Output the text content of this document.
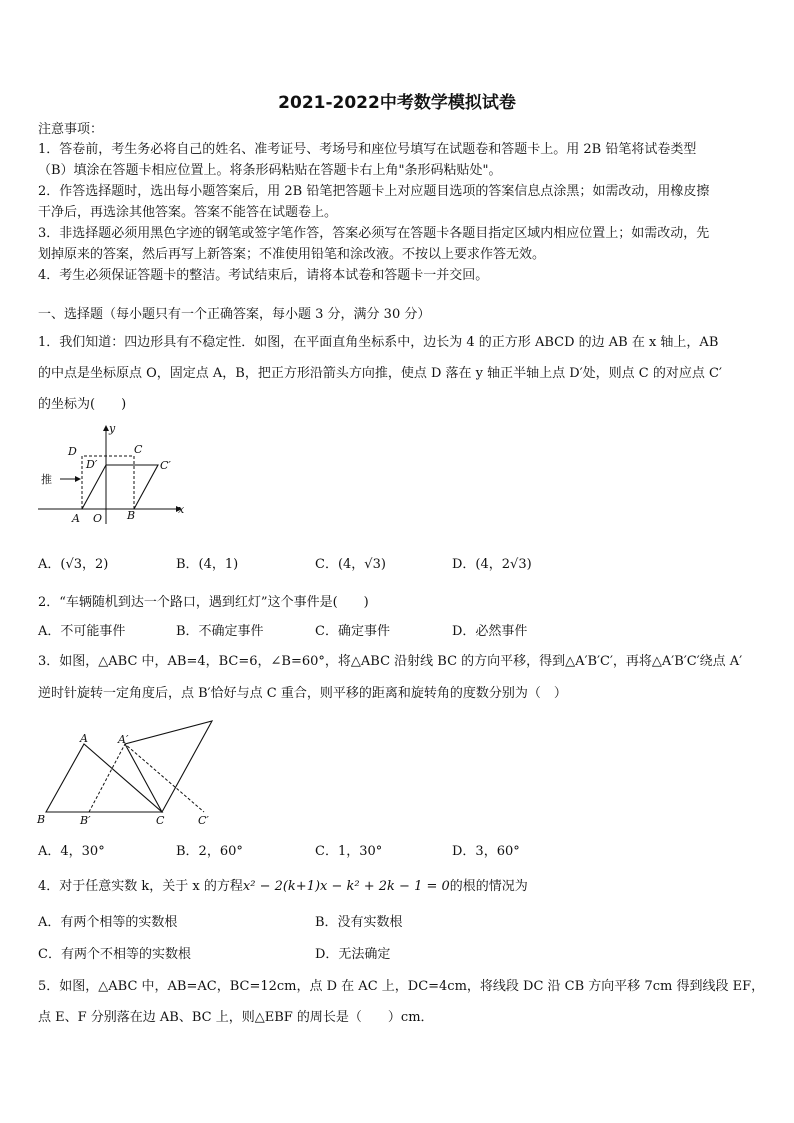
2021-2022中考数学模拟试卷
注意事项：
1．答卷前，考生务必将自己的姓名、准考证号、考场号和座位号填写在试题卷和答题卡上。用 2B 铅笔将试卷类型
（B）填涂在答题卡相应位置上。将条形码粘贴在答题卡右上角"条形码粘贴处"。
2．作答选择题时，选出每小题答案后，用 2B 铅笔把答题卡上对应题目选项的答案信息点涂黑；如需改动，用橡皮擦
干净后，再选涂其他答案。答案不能答在试题卷上。
3．非选择题必须用黑色字迹的钢笔或签字笔作答，答案必须写在答题卡各题目指定区域内相应位置上；如需改动，先
划掉原来的答案，然后再写上新答案；不准使用铅笔和涂改液。不按以上要求作答无效。
4．考生必须保证答题卡的整洁。考试结束后，请将本试卷和答题卡一并交回。
一、选择题（每小题只有一个正确答案，每小题 3 分，满分 30 分）
1．我们知道：四边形具有不稳定性．如图，在平面直角坐标系中，边长为 4 的正方形 ABCD 的边 AB 在 x 轴上，AB
的中点是坐标原点 O，固定点 A，B，把正方形沿箭头方向推，使点 D 落在 y 轴正半轴上点 D′处，则点 C 的对应点 C′
的坐标为(　　)
y
D	C
D′	C′
推
A O B	x
A．(√3，2)	B．(4，1)	C．(4，√3)	D．(4，2√3)
2．“车辆随机到达一个路口，遇到红灯”这个事件是(　　)
A．不可能事件	B．不确定事件	C．确定事件	D．必然事件
3．如图，△ABC 中，AB=4，BC=6，∠B=60°，将△ABC 沿射线 BC 的方向平移，得到△A′B′C′，再将△A′B′C′绕点 A′
逆时针旋转一定角度后，点 B′恰好与点 C 重合，则平移的距离和旋转角的度数分别为（　）
A	A′
B	B′	C	C′
A．4，30°	B．2，60°	C．1，30°	D．3，60°
4．对于任意实数 k，关于 x 的方程x² − 2(k+1)x − k² + 2k − 1 = 0的根的情况为
A．有两个相等的实数根	B．没有实数根
C．有两个不相等的实数根	D．无法确定
5．如图，△ABC 中，AB=AC，BC=12cm，点 D 在 AC 上，DC=4cm，将线段 DC 沿 CB 方向平移 7cm 得到线段 EF，
点 E、F 分别落在边 AB、BC 上，则△EBF 的周长是（　　）cm．
